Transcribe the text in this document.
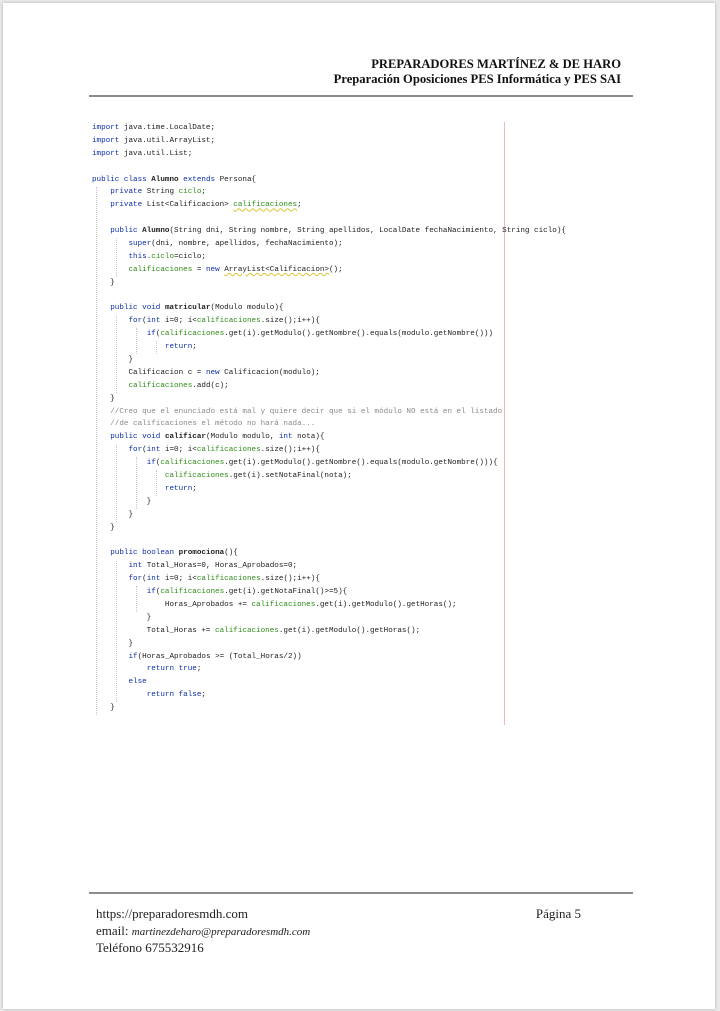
PREPARADORES MARTÍNEZ & DE HARO
Preparación Oposiciones PES Informática y PES SAI
import java.time.LocalDate;
import java.util.ArrayList;
import java.util.List;

public class Alumno extends Persona{
private String ciclo;
private List<Calificacion> calificaciones;

public Alumno(String dni, String nombre, String apellidos, LocalDate fechaNacimiento, String ciclo){
super(dni, nombre, apellidos, fechaNacimiento);
this.ciclo=ciclo;
calificaciones = new ArrayList<Calificacion>();
}

public void matricular(Modulo modulo){
for(int i=0; i<calificaciones.size();i++){
if(calificaciones.get(i).getModulo().getNombre().equals(modulo.getNombre()))
return;
}
Calificacion c = new Calificacion(modulo);
calificaciones.add(c);
}
//Creo que el enunciado está mal y quiere decir que si el módulo NO está en el listado
//de calificaciones el método no hará nada...
public void calificar(Modulo modulo, int nota){
for(int i=0; i<calificaciones.size();i++){
if(calificaciones.get(i).getModulo().getNombre().equals(modulo.getNombre())){
calificaciones.get(i).setNotaFinal(nota);
return;
}
}
}

public boolean promociona(){
int Total_Horas=0, Horas_Aprobados=0;
for(int i=0; i<calificaciones.size();i++){
if(calificaciones.get(i).getNotaFinal()>=5){
Horas_Aprobados += calificaciones.get(i).getModulo().getHoras();
}
Total_Horas += calificaciones.get(i).getModulo().getHoras();
}
if(Horas_Aprobados >= (Total_Horas/2))
return true;
else
return false;
}
https://preparadoresmdh.com
email: martinezdeharo@preparadoresmdh.com
Teléfono 675532916
Página 5
